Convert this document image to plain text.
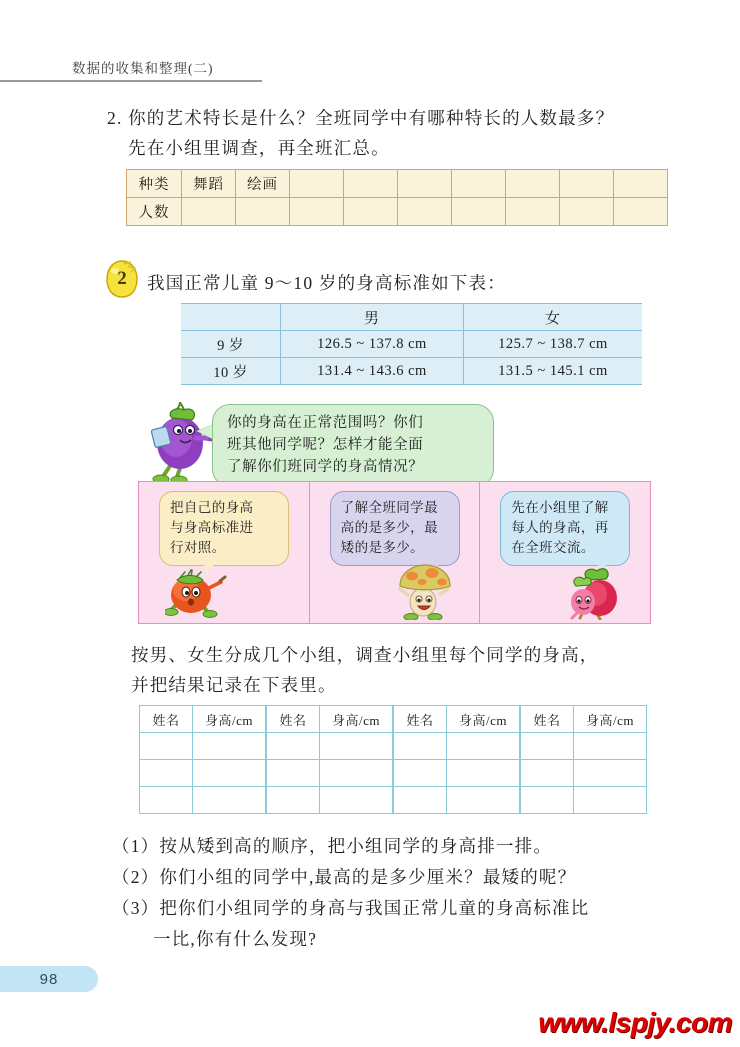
数据的收集和整理(二)
2. 你的艺术特长是什么？全班同学中有哪种特长的人数最多？
先在小组里调查，再全班汇总。
种类	舞蹈	绘画							
人数									
2	我国正常儿童 9～10 岁的身高标准如下表：
	男	女
9 岁	126.5 ~ 137.8 cm	125.7 ~ 138.7 cm
10 岁	131.4 ~ 143.6 cm	131.5 ~ 145.1 cm
你的身高在正常范围吗？你们
班其他同学呢？怎样才能全面
了解你们班同学的身高情况？
把自己的身高
与身高标准进
行对照。
了解全班同学最
高的是多少，最
矮的是多少。
先在小组里了解
每人的身高，再
在全班交流。
按男、女生分成几个小组，调查小组里每个同学的身高，
并把结果记录在下表里。
姓名	身高/cm	姓名	身高/cm	姓名	身高/cm	姓名	身高/cm

（1）按从矮到高的顺序，把小组同学的身高排一排。
（2）你们小组的同学中,最高的是多少厘米？最矮的呢？
（3）把你们小组同学的身高与我国正常儿童的身高标准比
一比,你有什么发现?
98
www.lspjy.com
